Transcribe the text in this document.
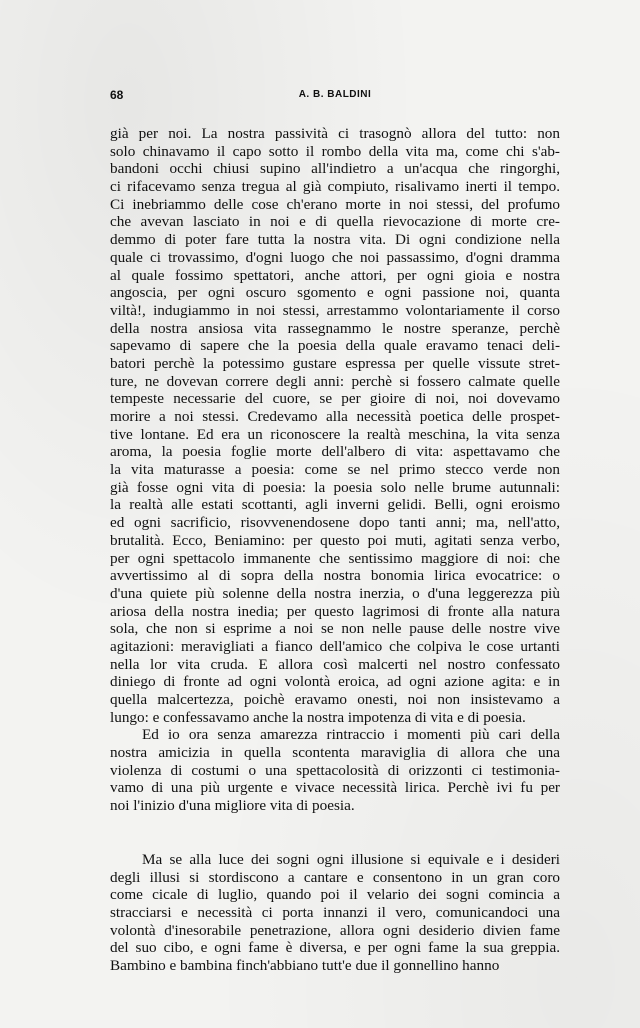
68	A. B. BALDINI
già per noi. La nostra passività ci trasognò allora del tutto: non
solo chinavamo il capo sotto il rombo della vita ma, come chi s'ab-
bandoni occhi chiusi supino all'indietro a un'acqua che ringorghi,
ci rifacevamo senza tregua al già compiuto, risalivamo inerti il tempo.
Ci inebriammo delle cose ch'erano morte in noi stessi, del profumo
che avevan lasciato in noi e di quella rievocazione di morte cre-
demmo di poter fare tutta la nostra vita. Di ogni condizione nella
quale ci trovassimo, d'ogni luogo che noi passassimo, d'ogni dramma
al quale fossimo spettatori, anche attori, per ogni gioia e nostra
angoscia, per ogni oscuro sgomento e ogni passione noi, quanta
viltà!, indugiammo in noi stessi, arrestammo volontariamente il corso
della nostra ansiosa vita rassegnammo le nostre speranze, perchè
sapevamo di sapere che la poesia della quale eravamo tenaci deli-
batori perchè la potessimo gustare espressa per quelle vissute stret-
ture, ne dovevan correre degli anni: perchè si fossero calmate quelle
tempeste necessarie del cuore, se per gioire di noi, noi dovevamo
morire a noi stessi. Credevamo alla necessità poetica delle prospet-
tive lontane. Ed era un riconoscere la realtà meschina, la vita senza
aroma, la poesia foglie morte dell'albero di vita: aspettavamo che
la vita maturasse a poesia: come se nel primo stecco verde non
già fosse ogni vita di poesia: la poesia solo nelle brume autunnali:
la realtà alle estati scottanti, agli inverni gelidi. Belli, ogni eroismo
ed ogni sacrificio, risovvenendosene dopo tanti anni; ma, nell'atto,
brutalità. Ecco, Beniamino: per questo poi muti, agitati senza verbo,
per ogni spettacolo immanente che sentissimo maggiore di noi: che
avvertissimo al di sopra della nostra bonomia lirica evocatrice: o
d'una quiete più solenne della nostra inerzia, o d'una leggerezza più
ariosa della nostra inedia; per questo lagrimosi di fronte alla natura
sola, che non si esprime a noi se non nelle pause delle nostre vive
agitazioni: meravigliati a fianco dell'amico che colpiva le cose urtanti
nella lor vita cruda. E allora così malcerti nel nostro confessato
diniego di fronte ad ogni volontà eroica, ad ogni azione agita: e in
quella malcertezza, poichè eravamo onesti, noi non insistevamo a
lungo: e confessavamo anche la nostra impotenza di vita e di poesia.
Ed io ora senza amarezza rintraccio i momenti più cari della
nostra amicizia in quella scontenta maraviglia di allora che una
violenza di costumi o una spettacolosità di orizzonti ci testimonia-
vamo di una più urgente e vivace necessità lirica. Perchè ivi fu per
noi l'inizio d'una migliore vita di poesia.
Ma se alla luce dei sogni ogni illusione si equivale e i desideri
degli illusi si stordiscono a cantare e consentono in un gran coro
come cicale di luglio, quando poi il velario dei sogni comincia a
stracciarsi e necessità ci porta innanzi il vero, comunicandoci una
volontà d'inesorabile penetrazione, allora ogni desiderio divien fame
del suo cibo, e ogni fame è diversa, e per ogni fame la sua greppia.
Bambino e bambina finch'abbiano tutt'e due il gonnellino hanno
